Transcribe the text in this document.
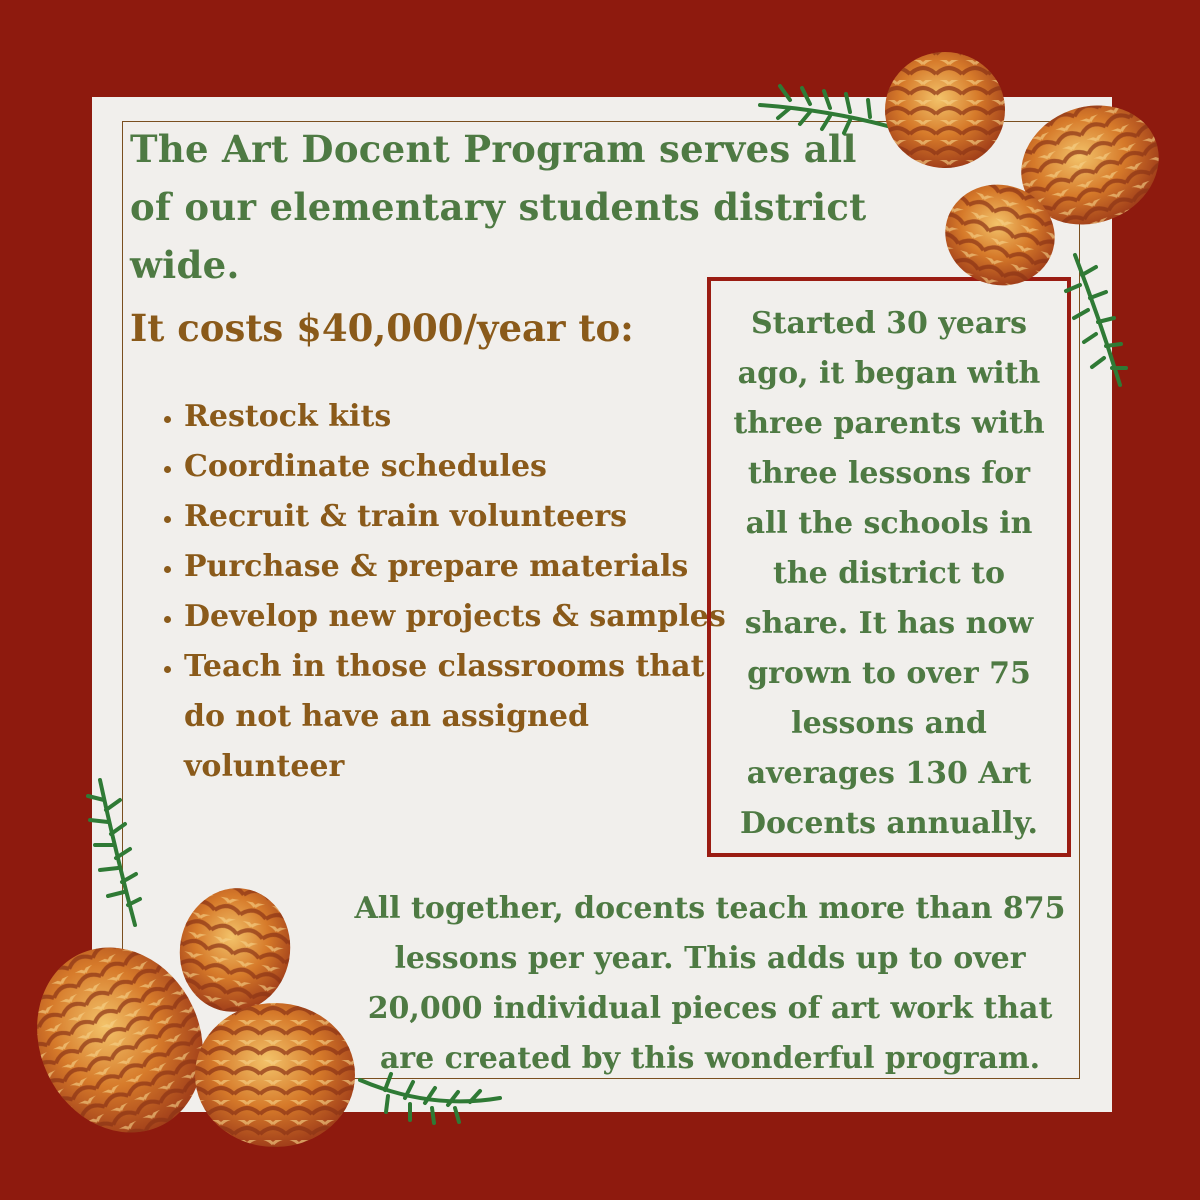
The Art Docent Program serves all of our elementary students district wide.
It costs $40,000/year to:
• Restock kits
• Coordinate schedules
• Recruit & train volunteers
• Purchase & prepare materials
• Develop new projects & samples
• Teach in those classrooms that do not have an assigned volunteer
Started 30 years ago, it began with three parents with three lessons for all the schools in the district to share. It has now grown to over 75 lessons and averages 130 Art Docents annually.
All together, docents teach more than 875 lessons per year. This adds up to over 20,000 individual pieces of art work that are created by this wonderful program.
